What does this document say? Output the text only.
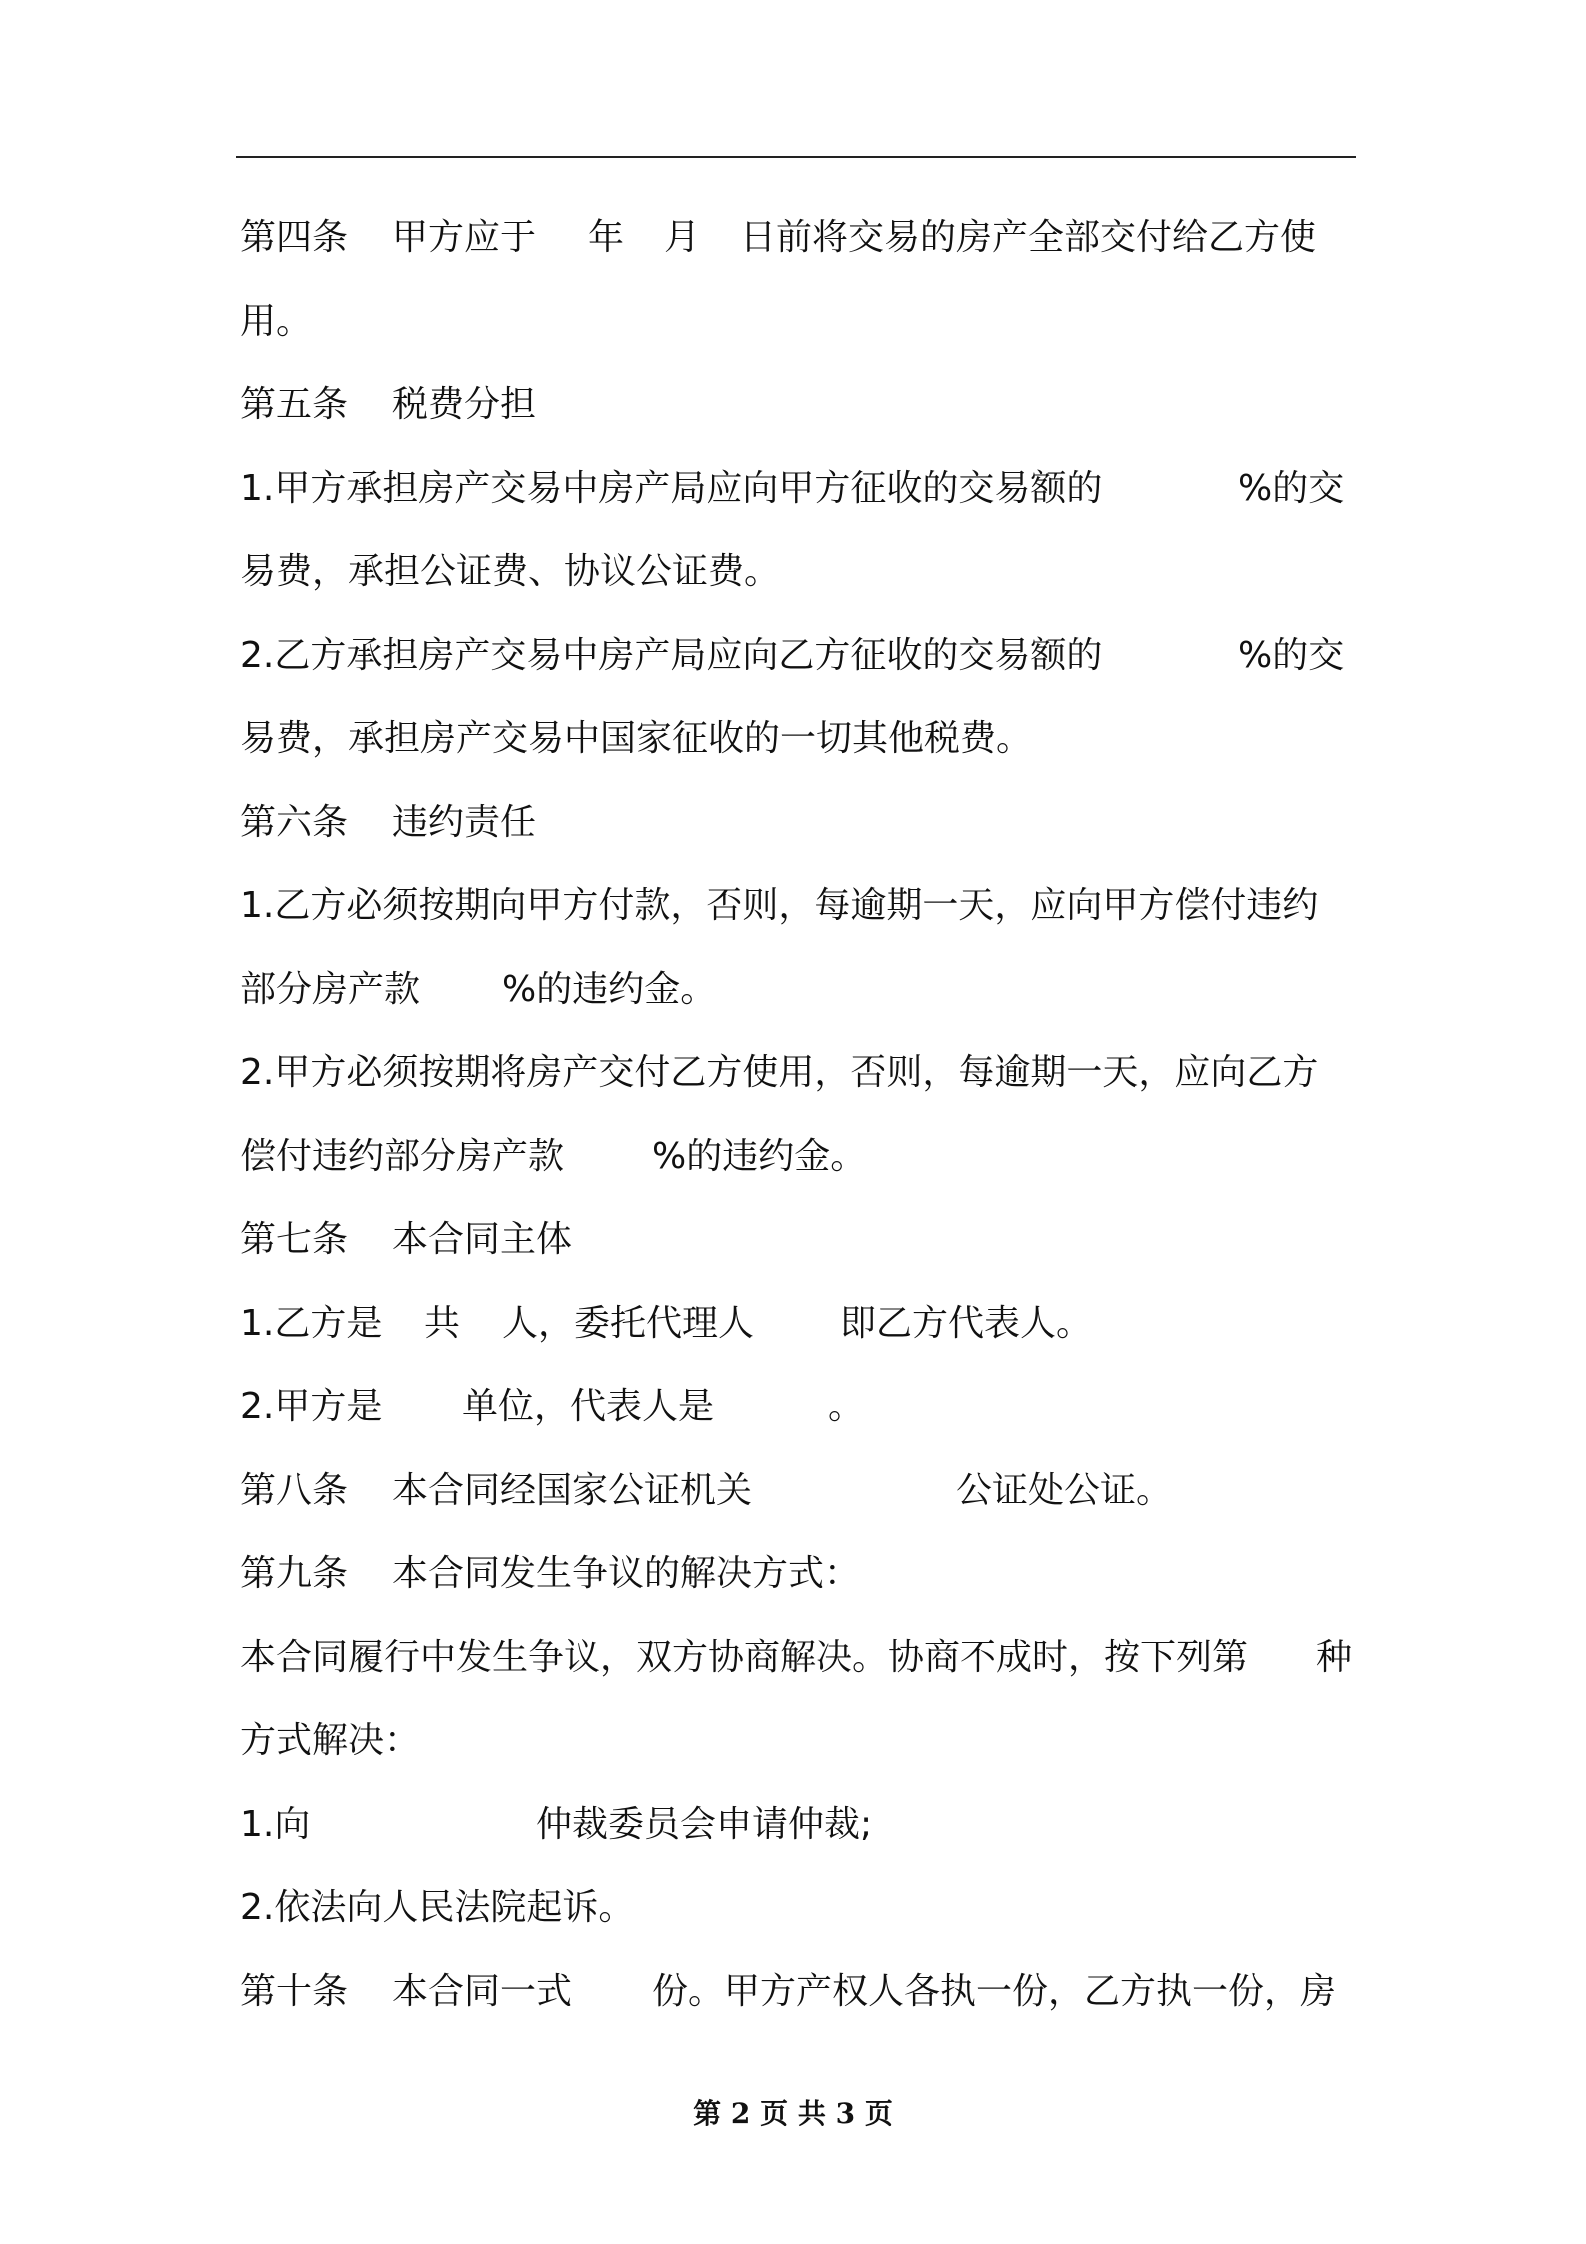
第四条 甲方应于 年 月 日前将交易的房产全部交付给乙方使
用。
第五条 税费分担
1.甲方承担房产交易中房产局应向甲方征收的交易额的	%的交
易费，承担公证费、协议公证费。
2.乙方承担房产交易中房产局应向乙方征收的交易额的	%的交
易费，承担房产交易中国家征收的一切其他税费。
第六条 违约责任
1.乙方必须按期向甲方付款，否则，每逾期一天，应向甲方偿付违约
部分房产款 %的违约金。
2.甲方必须按期将房产交付乙方使用，否则，每逾期一天，应向乙方
偿付违约部分房产款 %的违约金。
第七条 本合同主体
1.乙方是 共 人，委托代理人 即乙方代表人。
2.甲方是 单位，代表人是	。
第八条 本合同经国家公证机关	公证处公证。
第九条 本合同发生争议的解决方式：
本合同履行中发生争议，双方协商解决。协商不成时，按下列第 种
方式解决：
1.向	仲裁委员会申请仲裁;
2.依法向人民法院起诉。
第十条 本合同一式 份。甲方产权人各执一份，乙方执一份，房
第 2 页 共 3 页
